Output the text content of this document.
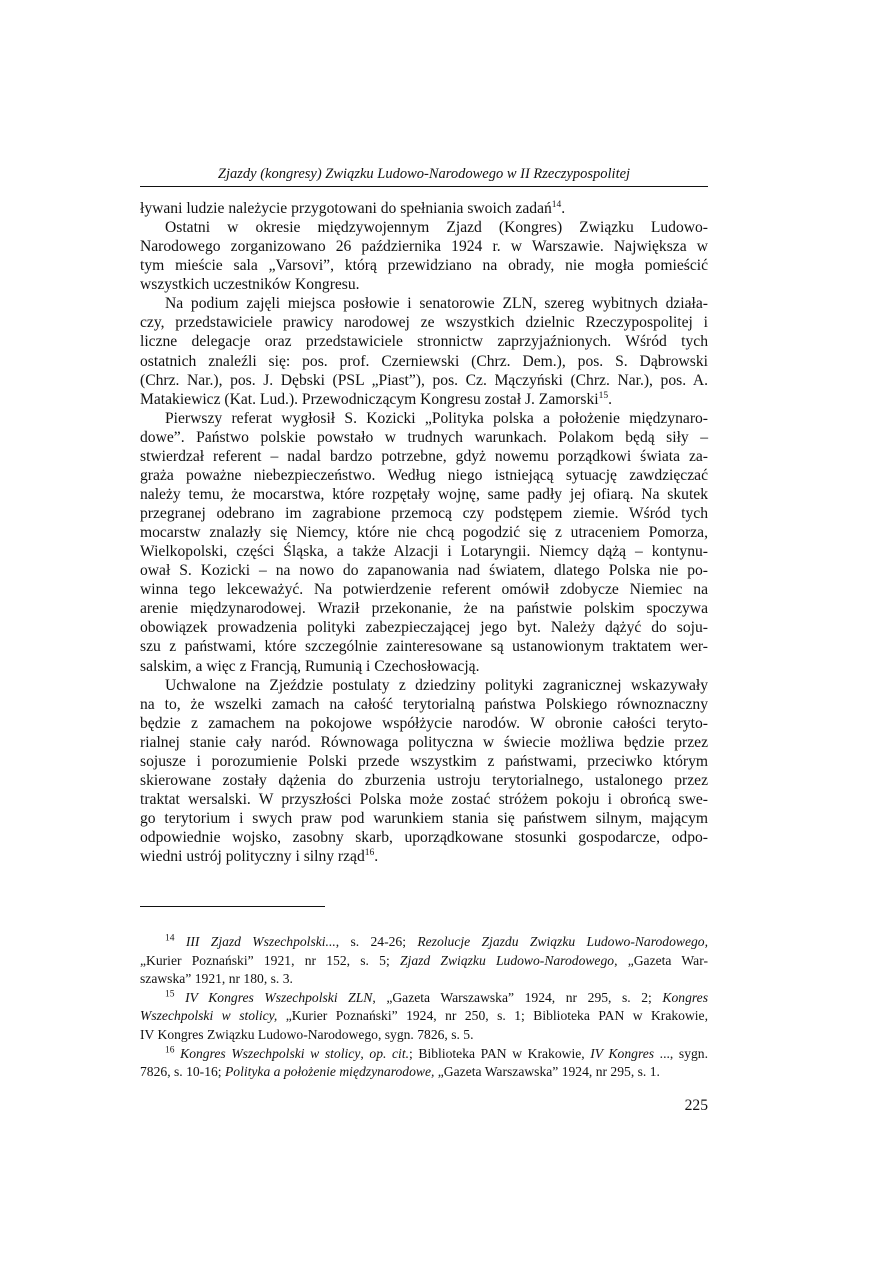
Zjazdy (kongresy) Związku Ludowo-Narodowego w II Rzeczypospolitej
ływani ludzie należycie przygotowani do spełniania swoich zadań$^{14}$.
Ostatni w okresie międzywojennym Zjazd (Kongres) Związku Ludowo-
Narodowego zorganizowano 26 października 1924 r. w Warszawie. Największa w
tym mieście sala „Varsovi”, którą przewidziano na obrady, nie mogła pomieścić
wszystkich uczestników Kongresu.
Na podium zajęli miejsca posłowie i senatorowie ZLN, szereg wybitnych działa-
czy, przedstawiciele prawicy narodowej ze wszystkich dzielnic Rzeczypospolitej i
liczne delegacje oraz przedstawiciele stronnictw zaprzyjaźnionych. Wśród tych
ostatnich znaleźli się: pos. prof. Czerniewski (Chrz. Dem.), pos. S. Dąbrowski
(Chrz. Nar.), pos. J. Dębski (PSL „Piast”), pos. Cz. Mączyński (Chrz. Nar.), pos. A.
Matakiewicz (Kat. Lud.). Przewodniczącym Kongresu został J. Zamorski$^{15}$.
Pierwszy referat wygłosił S. Kozicki „Polityka polska a położenie międzynaro-
dowe”. Państwo polskie powstało w trudnych warunkach. Polakom będą siły –
stwierdzał referent – nadal bardzo potrzebne, gdyż nowemu porządkowi świata za-
graża poważne niebezpieczeństwo. Według niego istniejącą sytuację zawdzięczać
należy temu, że mocarstwa, które rozpętały wojnę, same padły jej ofiarą. Na skutek
przegranej odebrano im zagrabione przemocą czy podstępem ziemie. Wśród tych
mocarstw znalazły się Niemcy, które nie chcą pogodzić się z utraceniem Pomorza,
Wielkopolski, części Śląska, a także Alzacji i Lotaryngii. Niemcy dążą – kontynu-
ował S. Kozicki – na nowo do zapanowania nad światem, dlatego Polska nie po-
winna tego lekceważyć. Na potwierdzenie referent omówił zdobycze Niemiec na
arenie międzynarodowej. Wraził przekonanie, że na państwie polskim spoczywa
obowiązek prowadzenia polityki zabezpieczającej jego byt. Należy dążyć do soju-
szu z państwami, które szczególnie zainteresowane są ustanowionym traktatem wer-
salskim, a więc z Francją, Rumunią i Czechosłowacją.
Uchwalone na Zjeździe postulaty z dziedziny polityki zagranicznej wskazywały
na to, że wszelki zamach na całość terytorialną państwa Polskiego równoznaczny
będzie z zamachem na pokojowe współżycie narodów. W obronie całości teryto-
rialnej stanie cały naród. Równowaga polityczna w świecie możliwa będzie przez
sojusze i porozumienie Polski przede wszystkim z państwami, przeciwko którym
skierowane zostały dążenia do zburzenia ustroju terytorialnego, ustalonego przez
traktat wersalski. W przyszłości Polska może zostać stróżem pokoju i obrońcą swe-
go terytorium i swych praw pod warunkiem stania się państwem silnym, mającym
odpowiednie wojsko, zasobny skarb, uporządkowane stosunki gospodarcze, odpo-
wiedni ustrój polityczny i silny rząd$^{16}$.
$^{14}$ III Zjazd Wszechpolski..., s. 24-26; Rezolucje Zjazdu Związku Ludowo-Narodowego,
„Kurier Poznański” 1921, nr 152, s. 5; Zjazd Związku Ludowo-Narodowego, „Gazeta War-
szawska” 1921, nr 180, s. 3.
$^{15}$ IV Kongres Wszechpolski ZLN, „Gazeta Warszawska” 1924, nr 295, s. 2; Kongres
Wszechpolski w stolicy, „Kurier Poznański” 1924, nr 250, s. 1; Biblioteka PAN w Krakowie,
IV Kongres Związku Ludowo-Narodowego, sygn. 7826, s. 5.
$^{16}$ Kongres Wszechpolski w stolicy, op. cit.; Biblioteka PAN w Krakowie, IV Kongres ..., sygn.
7826, s. 10-16; Polityka a położenie międzynarodowe, „Gazeta Warszawska” 1924, nr 295, s. 1.
225
